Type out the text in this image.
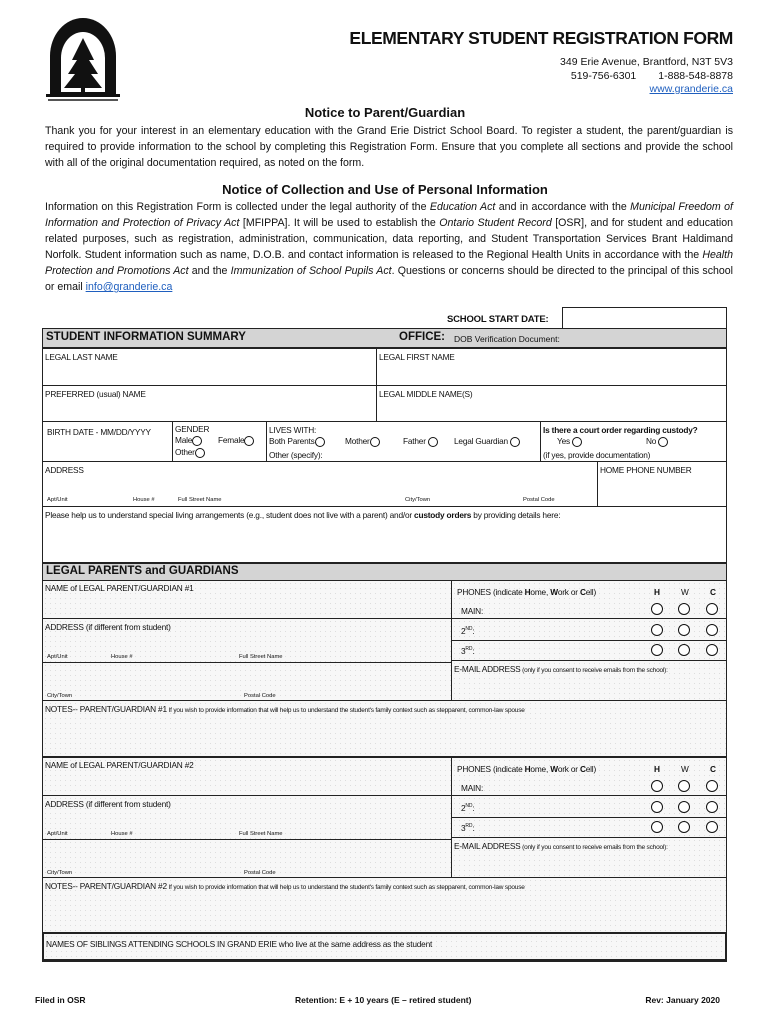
ELEMENTARY STUDENT REGISTRATION FORM
349 Erie Avenue, Brantford, N3T 5V3
519-756-6301 1-888-548-8878
www.granderie.ca
Notice to Parent/Guardian
Thank you for your interest in an elementary education with the Grand Erie District School Board. To register a student, the parent/guardian is required to provide information to the school by completing this Registration Form. Ensure that you complete all sections and provide the school with all of the original documentation required, as noted on the form.
Notice of Collection and Use of Personal Information
Information on this Registration Form is collected under the legal authority of the Education Act and in accordance with the Municipal Freedom of Information and Protection of Privacy Act [MFIPPA]. It will be used to establish the Ontario Student Record [OSR], and for student and education related purposes, such as registration, administration, communication, data reporting, and Student Transportation Services Brant Haldimand Norfolk. Student information such as name, D.O.B. and contact information is released to the Regional Health Units in accordance with the Health Protection and Promotions Act and the Immunization of School Pupils Act. Questions or concerns should be directed to the principal of this school or email info@granderie.ca
SCHOOL START DATE:
STUDENT INFORMATION SUMMARY	OFFICE: DOB Verification Document:
LEGAL LAST NAME	LEGAL FIRST NAME
PREFERRED (usual) NAME	LEGAL MIDDLE NAME(S)
BIRTH DATE - MM/DD/YYYY	GENDER
Male	Female
Other
LIVES WITH:
Both Parents	Mother	Father	Legal Guardian
Other (specify):
Is there a court order regarding custody?
Yes	No
(if yes, provide documentation)
ADDRESS
Apt/Unit	House #	Full Street Name	City/Town	Postal Code
HOME PHONE NUMBER
Please help us to understand special living arrangements (e.g., student does not live with a parent) and/or custody orders by providing details here:
LEGAL PARENTS and GUARDIANS
NAME of LEGAL PARENT/GUARDIAN #1
ADDRESS (if different from student)
Apt/Unit	House #	Full Street Name
City/Town	Postal Code
PHONES (indicate Home, Work or Cell)	H	W	C
MAIN:
2ND:
3RD:
E-MAIL ADDRESS (only if you consent to receive emails from the school):
NOTES-- PARENT/GUARDIAN #1 If you wish to provide information that will help us to understand the student's family context such as stepparent, common-law spouse
NAME of LEGAL PARENT/GUARDIAN #2
ADDRESS (if different from student)
Apt/Unit	House #	Full Street Name
City/Town	Postal Code
PHONES (indicate Home, Work or Cell)	H	W	C
MAIN:
2ND:
3RD:
E-MAIL ADDRESS (only if you consent to receive emails from the school):
NOTES-- PARENT/GUARDIAN #2 If you wish to provide information that will help us to understand the student's family context such as stepparent, common-law spouse
NAMES OF SIBLINGS ATTENDING SCHOOLS IN GRAND ERIE who live at the same address as the student
Filed in OSR	Retention: E + 10 years (E – retired student)	Rev: January 2020
